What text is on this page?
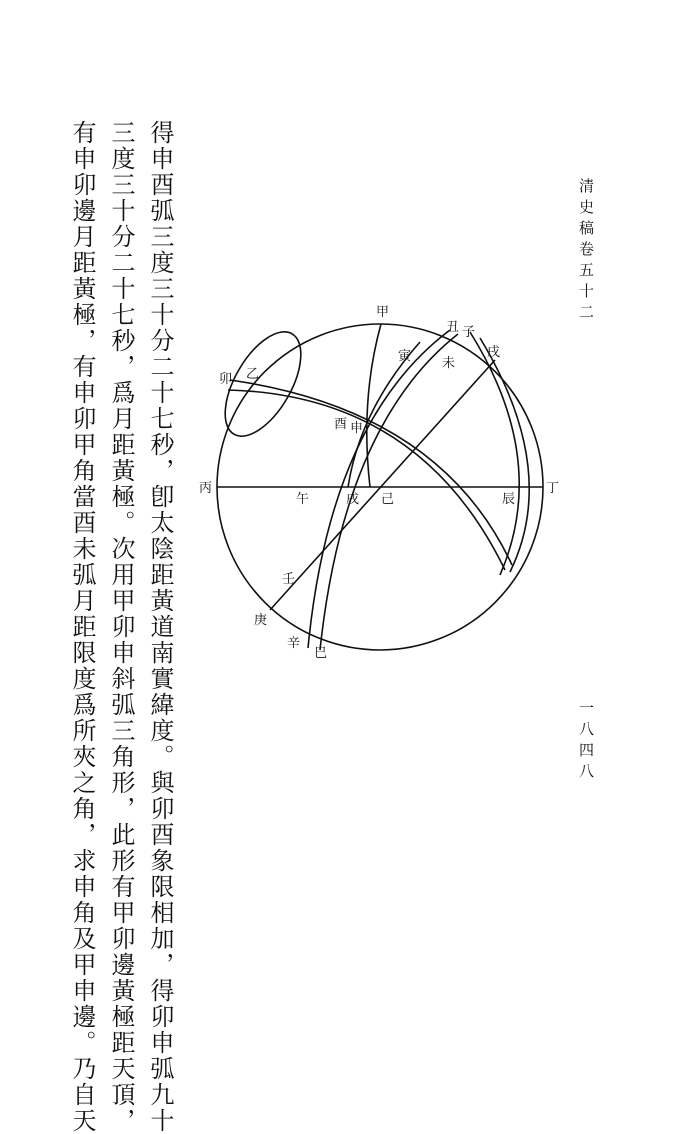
清史稿卷五十二
一八四八
得申酉弧三度三十分二十七秒，卽太陰距黃道南實緯度。與卯酉象限相加，得卯申弧九十
三度三十分二十七秒，爲月距黃極。次用甲卯申斜弧三角形，此形有甲卯邊黃極距天頂，
有申卯邊月距黃極，有申卯甲角當酉未弧月距限度爲所夾之角，求申角及甲申邊。乃自天	甲
丑 子
寅 未
戌
卯 乙
酉 申
丙
午	戌 己	辰
丁
壬
庚
辛
巳
